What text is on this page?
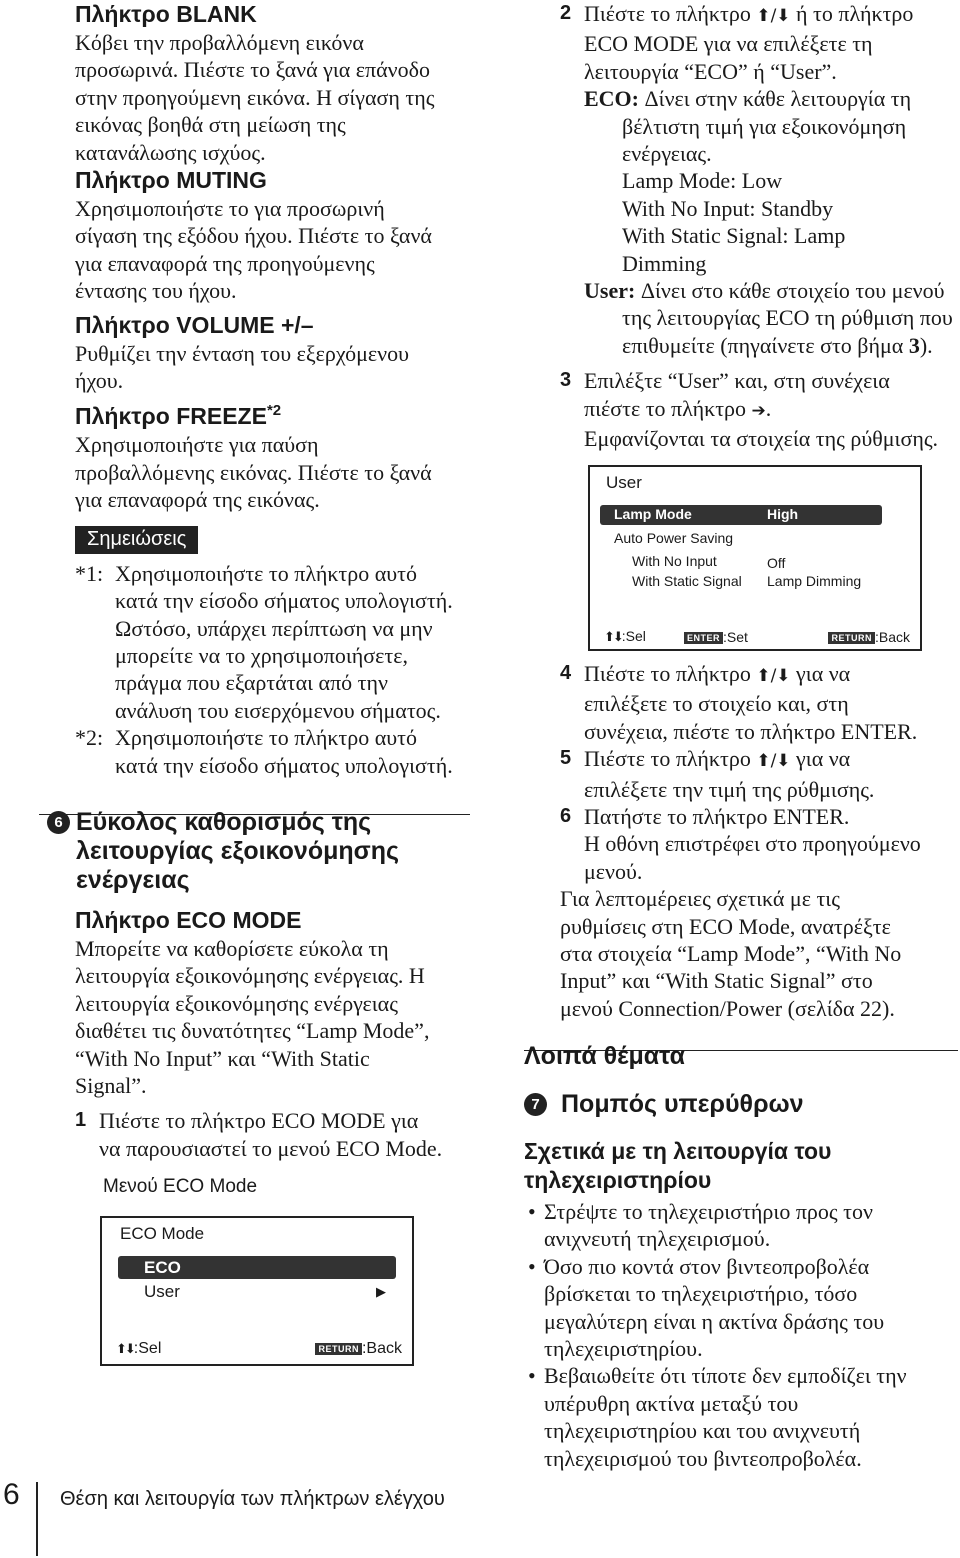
Πλήκτρο BLANK
Κόβει την προβαλλόμενη εικόνα
προσωρινά. Πιέστε το ξανά για επάνοδο
στην προηγούμενη εικόνα. Η σίγαση της
εικόνας βοηθά στη μείωση της
κατανάλωσης ισχύος.
Πλήκτρο MUTING
Χρησιμοποιήστε το για προσωρινή
σίγαση της εξόδου ήχου. Πιέστε το ξανά
για επαναφορά της προηγούμενης
έντασης του ήχου.
Πλήκτρο VOLUME +/–
Ρυθμίζει την ένταση του εξερχόμενου
ήχου.
Πλήκτρο FREEZE$^{*2}$
Χρησιμοποιήστε για παύση
προβαλλόμενης εικόνας. Πιέστε το ξανά
για επαναφορά της εικόνας.
Σημειώσεις
*1: Χρησιμοποιήστε το πλήκτρο αυτό
κατά την είσοδο σήματος υπολογιστή.
Ωστόσο, υπάρχει περίπτωση να μην
μπορείτε να το χρησιμοποιήσετε,
πράγμα που εξαρτάται από την
ανάλυση του εισερχόμενου σήματος.
*2: Χρησιμοποιήστε το πλήκτρο αυτό
κατά την είσοδο σήματος υπολογιστή.
6 Εύκολος καθορισμός της
λειτουργίας εξοικονόμησης
ενέργειας
Πλήκτρο ECO MODE
Μπορείτε να καθορίσετε εύκολα τη
λειτουργία εξοικονόμησης ενέργειας. Η
λειτουργία εξοικονόμησης ενέργειας
διαθέτει τις δυνατότητες “Lamp Mode”,
“With No Input” και “With Static
Signal”.
1 Πιέστε το πλήκτρο ECO MODE για
να παρουσιαστεί το μενού ECO Mode.
Μενού ECO Mode
ECO Mode
ECO
User	▶
⬆⬇:Sel	RETURN :Back
2 Πιέστε το πλήκτρο ⬆/⬇ ή το πλήκτρο
ECO MODE για να επιλέξετε τη
λειτουργία “ECO” ή “User”.
ECO: Δίνει στην κάθε λειτουργία τη
βέλτιστη τιμή για εξοικονόμηση
ενέργειας.
Lamp Mode: Low
With No Input: Standby
With Static Signal: Lamp
Dimming
User: Δίνει στο κάθε στοιχείο του μενού
της λειτουργίας ECO τη ρύθμιση που
επιθυμείτε (πηγαίνετε στο βήμα 3).
3 Επιλέξτε “User” και, στη συνέχεια
πιέστε το πλήκτρο ➔.
Εμφανίζονται τα στοιχεία της ρύθμισης.
User
Lamp Mode	High
Auto Power Saving
With No Input	Off
With Static Signal Lamp Dimming
⬆⬇:Sel	ENTER :Set	RETURN :Back
4 Πιέστε το πλήκτρο ⬆/⬇ για να
επιλέξετε το στοιχείο και, στη
συνέχεια, πιέστε το πλήκτρο ENTER.
5 Πιέστε το πλήκτρο ⬆/⬇ για να
επιλέξετε την τιμή της ρύθμισης.
6 Πατήστε το πλήκτρο ENTER.
Η οθόνη επιστρέφει στο προηγούμενο
μενού.
Για λεπτομέρειες σχετικά με τις
ρυθμίσεις στη ECO Mode, ανατρέξτε
στα στοιχεία “Lamp Mode”, “With No
Input” και “With Static Signal” στο
μενού Connection/Power (σελίδα 22).
Λοιπά θέματα
7 Πομπός υπερύθρων
Σχετικά με τη λειτουργία του
τηλεχειριστηρίου
• Στρέψτε το τηλεχειριστήριο προς τον
ανιχνευτή τηλεχειρισμού.
• Όσο πιο κοντά στον βιντεοπροβολέα
βρίσκεται το τηλεχειριστήριο, τόσο
μεγαλύτερη είναι η ακτίνα δράσης του
τηλεχειριστηρίου.
• Βεβαιωθείτε ότι τίποτε δεν εμποδίζει την
υπέρυθρη ακτίνα μεταξύ του
τηλεχειριστηρίου και του ανιχνευτή
τηλεχειρισμού του βιντεοπροβολέα.
6 Θέση και λειτουργία των πλήκτρων ελέγχου
